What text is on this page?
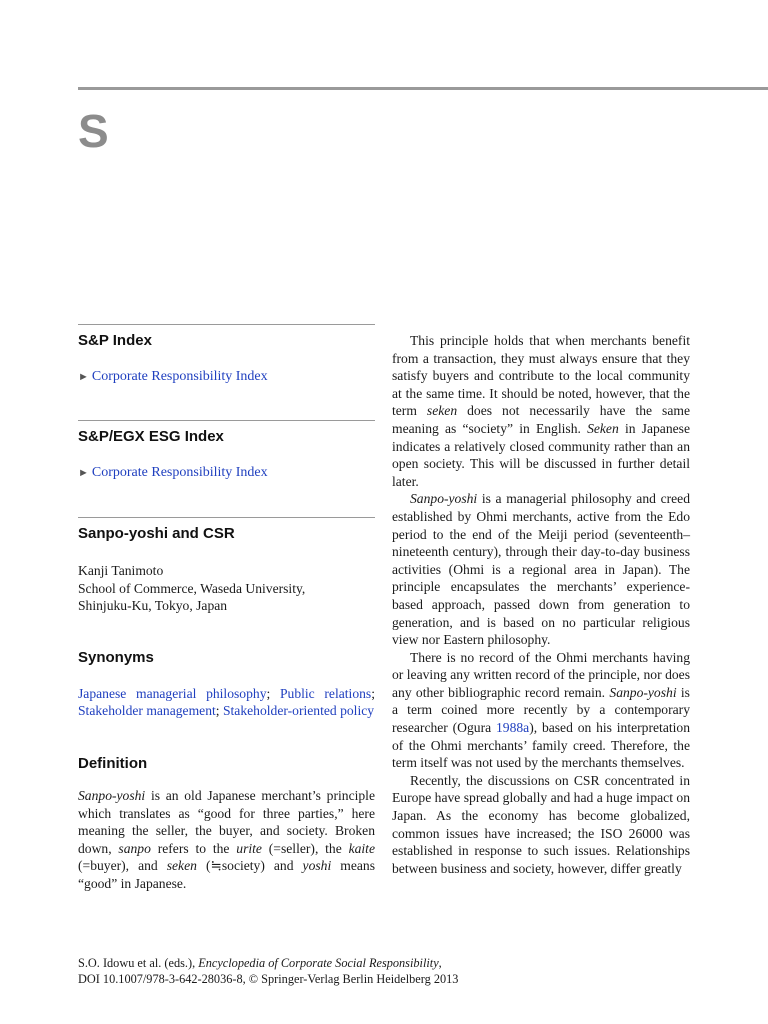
S
S&P Index
► Corporate Responsibility Index
S&P/EGX ESG Index
► Corporate Responsibility Index
Sanpo-yoshi and CSR
Kanji Tanimoto
School of Commerce, Waseda University,
Shinjuku-Ku, Tokyo, Japan
Synonyms

Japanese managerial philosophy; Public relations; Stakeholder management; Stakeholder-oriented policy

Definition

Sanpo-yoshi is an old Japanese merchant’s principle which translates as “good for three parties,” here meaning the seller, the buyer, and society. Broken down, sanpo refers to the urite (=seller), the kaite (=buyer), and seken (≒society) and yoshi means “good” in Japanese.

This principle holds that when merchants benefit from a transaction, they must always ensure that they satisfy buyers and contribute to the local community at the same time. It should be noted, however, that the term seken does not necessarily have the same meaning as “society” in English. Seken in Japanese indicates a relatively closed community rather than an open society. This will be discussed in further detail later.

Sanpo-yoshi is a managerial philosophy and creed established by Ohmi merchants, active from the Edo period to the end of the Meiji period (seventeenth–nineteenth century), through their day-to-day business activities (Ohmi is a regional area in Japan). The principle encapsulates the merchants’ experience-based approach, passed down from generation to generation, and is based on no particular religious view nor Eastern philosophy.

There is no record of the Ohmi merchants having or leaving any written record of the principle, nor does any other bibliographic record remain. Sanpo-yoshi is a term coined more recently by a contemporary researcher (Ogura 1988a), based on his interpretation of the Ohmi merchants’ family creed. Therefore, the term itself was not used by the merchants themselves.

Recently, the discussions on CSR concentrated in Europe have spread globally and had a huge impact on Japan. As the economy has become globalized, common issues have increased; the ISO 26000 was established in response to such issues. Relationships between business and society, however, differ greatly

S.O. Idowu et al. (eds.), Encyclopedia of Corporate Social Responsibility,

DOI 10.1007/978-3-642-28036-8, © Springer-Verlag Berlin Heidelberg 2013
